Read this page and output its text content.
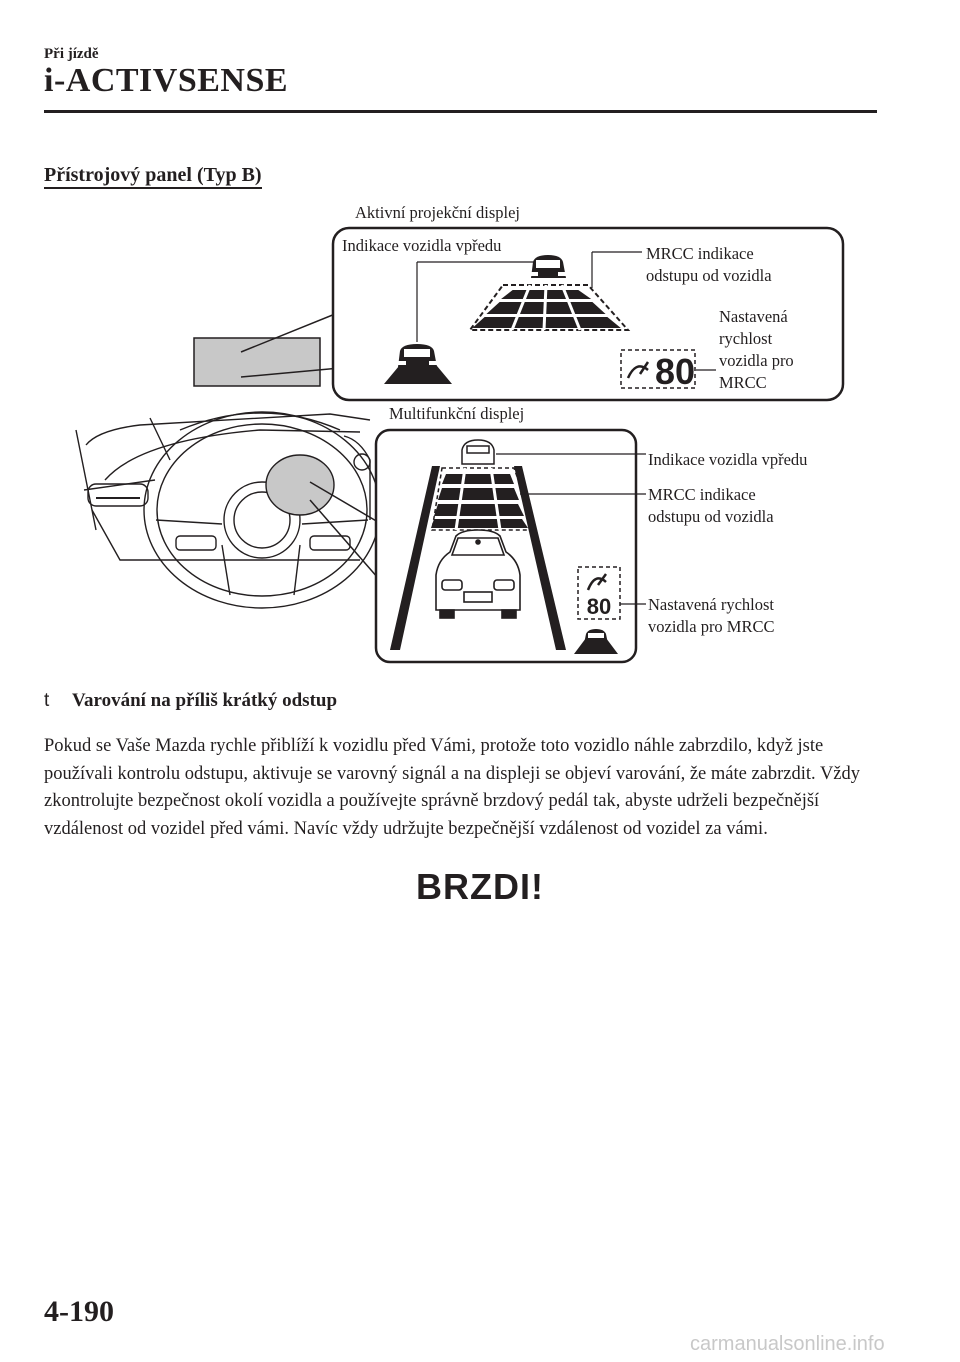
Při jízdě
i-ACTIVSENSE
Přístrojový panel (Typ B)
80
80
Aktivní projekční displej
Indikace vozidla vpředu	MRCC indikace
odstupu od vozidla
Nastavená
rychlost
vozidla pro
MRCC
Multifunkční displej
Indikace vozidla vpředu
MRCC indikace
odstupu od vozidla
Nastavená rychlost
vozidla pro MRCC
t Varování na příliš krátký odstup
Pokud se Vaše Mazda rychle přiblíží k vozidlu před Vámi, protože toto vozidlo náhle zabrzdilo, když jste používali kontrolu odstupu, aktivuje se varovný signál a na displeji se objeví varování, že máte zabrzdit. Vždy zkontrolujte bezpečnost okolí vozidla a používejte správně brzdový pedál tak, abyste udrželi bezpečnější vzdálenost od vozidel před vámi. Navíc vždy udržujte bezpečnější vzdálenost od vozidel za vámi.
BRZDI!
4-190
carmanualsonline.info
